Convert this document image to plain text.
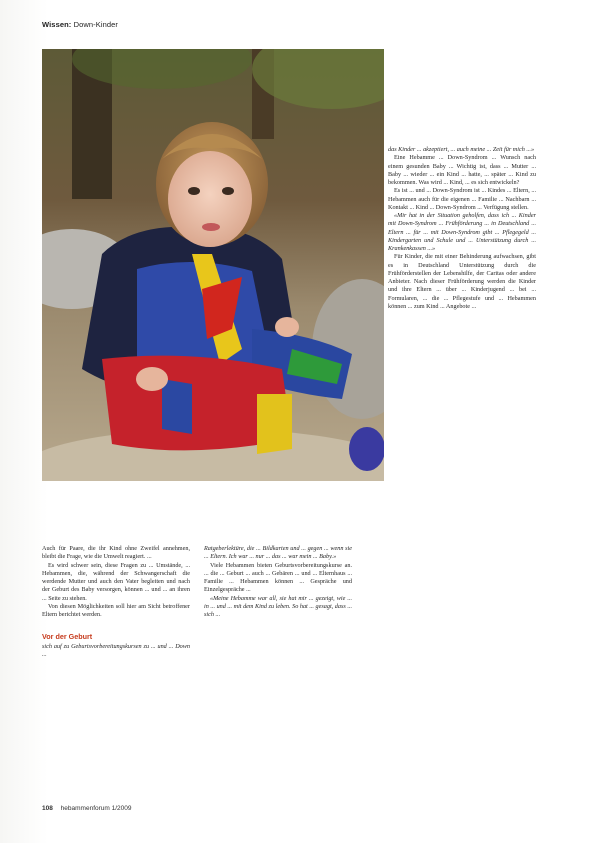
Wissen: Down-Kinder

Auch für Paare, die ihr Kind ohne Zweifel annehmen, bleibt die Frage, wie die Umwelt reagiert. ...

Es wird schwer sein, diese Fragen zu ... Umstände, ... Hebammen, die, während der Schwangerschaft die werdende Mutter und auch den Vater begleiten und nach der Geburt des Baby versorgen, können ... und ... an ihren ... Seite zu stehen.

Von diesen Möglichkeiten soll hier am Sicht betroffener Eltern berichtet werden.

Vor der Geburt

sich auf zu Geburtsvorbereitungskursen zu ... und ... Down ...

Ratgeberlektüre, die ... Bildkarten und ... gegen ... wenn sie ... Eltern. Ich war ... nur ... das ... war mein ... Baby.»

Viele Hebammen bieten Geburtsvorbereitungskurse an. ... die ... Geburt ... auch ... Gebären ... und ... Elternhaus ... Familie ... Hebammen können ... Gespräche und Einzelgespräche ...

«Meine Hebamme war all, sie hat mir ... gezeigt, wie ... in ... und ... mit dem Kind zu leben. So hat ... gesagt, dass ... sich ...

das Kinder ... akzeptiert, ... auch meine ... Zeit für mich ...»

Eine Hebamme ... Down-Syndrom ... Wunsch nach einem gesunden Baby ... Wichtig ist, dass ... Mutter ... Baby ... wieder ... ein Kind ... hatte, ... später ... Kind zu bekommen. Was wird ... Kind, ... es sich entwickeln?

Es ist ... und ... Down-Syndrom ist ... Kindes ... Eltern, ... Hebammen auch für die eigenen ... Familie ... Nachbarn ... Kontakt ... Kind ... Down-Syndrom ... Verfügung stellen.

«Mir hat in der Situation geholfen, dass ich ... Kinder mit Down-Syndrom ... Frühförderung ... in Deutschland ... Eltern ... für ... mit Down-Syndrom gibt ... Pflegegeld ... Kindergarten und Schule und ... Unterstützung durch ... Krankenkassen ...»

Für Kinder, die mit einer Behinderung aufwachsen, gibt es in Deutschland Unterstützung durch die Frühförderstellen der Lebenshilfe, der Caritas oder andere Anbieter. Nach dieser Frühförderung werden die Kinder und ihre Eltern ... über ... Kinderjugend ... bei ... Formularen, ... die ... Pflegestufe und ... Hebammen können ... zum Kind ... Angebote ...

108 hebammenforum 1/2009
